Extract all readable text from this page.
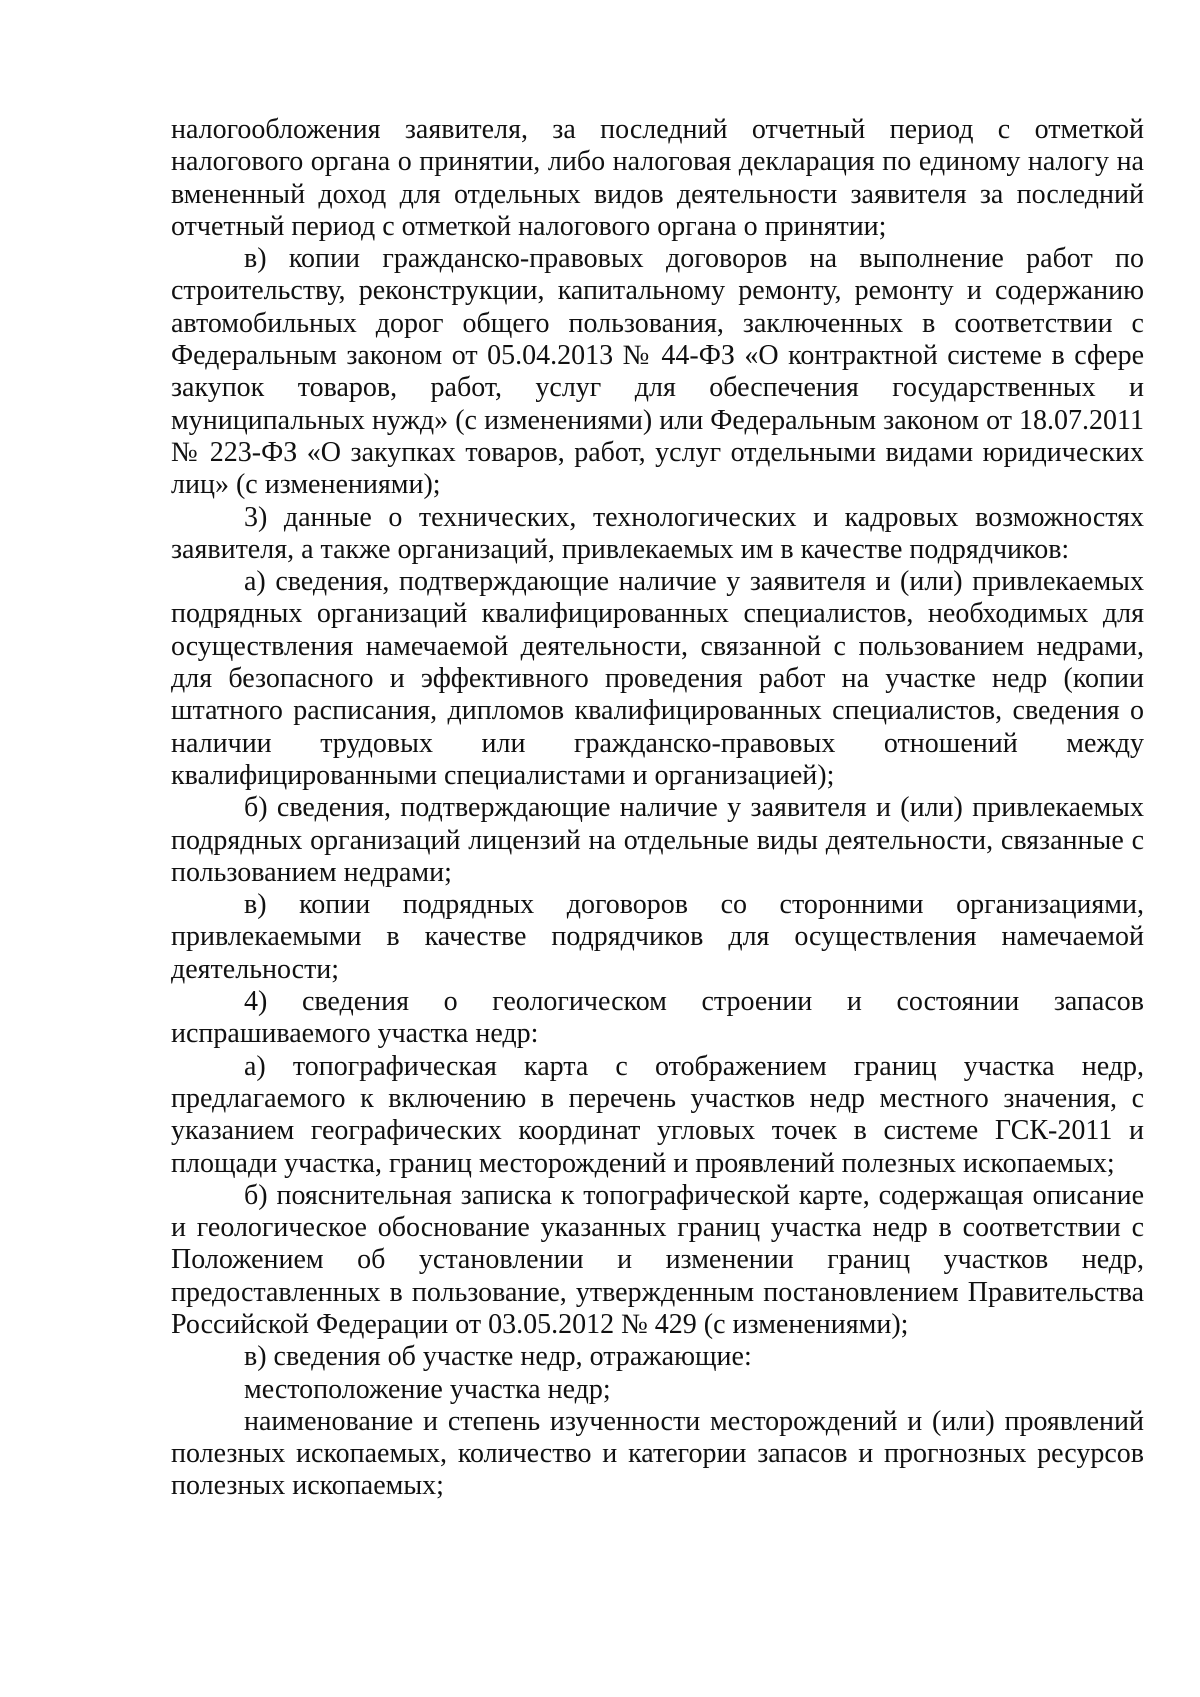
налогообложения заявителя, за последний отчетный период с отметкой налогового органа о принятии, либо налоговая декларация по единому налогу на вмененный доход для отдельных видов деятельности заявителя за последний отчетный период с отметкой налогового органа о принятии;

в) копии гражданско-правовых договоров на выполнение работ по строительству, реконструкции, капитальному ремонту, ремонту и содержанию автомобильных дорог общего пользования, заключенных в соответствии с Федеральным законом от 05.04.2013 № 44-ФЗ «О контрактной системе в сфере закупок товаров, работ, услуг для обеспечения государственных и муниципальных нужд» (с изменениями) или Федеральным законом от 18.07.2011 № 223-ФЗ «О закупках товаров, работ, услуг отдельными видами юридических лиц» (с изменениями);

3) данные о технических, технологических и кадровых возможностях заявителя, а также организаций, привлекаемых им в качестве подрядчиков:

а) сведения, подтверждающие наличие у заявителя и (или) привлекаемых подрядных организаций квалифицированных специалистов, необходимых для осуществления намечаемой деятельности, связанной с пользованием недрами, для безопасного и эффективного проведения работ на участке недр (копии штатного расписания, дипломов квалифицированных специалистов, сведения о наличии трудовых или гражданско-правовых отношений между квалифицированными специалистами и организацией);

б) сведения, подтверждающие наличие у заявителя и (или) привлекаемых подрядных организаций лицензий на отдельные виды деятельности, связанные с пользованием недрами;

в) копии подрядных договоров со сторонними организациями, привлекаемыми в качестве подрядчиков для осуществления намечаемой деятельности;

4) сведения о геологическом строении и состоянии запасов испрашиваемого участка недр:

а) топографическая карта с отображением границ участка недр, предлагаемого к включению в перечень участков недр местного значения, с указанием географических координат угловых точек в системе ГСК-2011 и площади участка, границ месторождений и проявлений полезных ископаемых;

б) пояснительная записка к топографической карте, содержащая описание и геологическое обоснование указанных границ участка недр в соответствии с Положением об установлении и изменении границ участков недр, предоставленных в пользование, утвержденным постановлением Правительства Российской Федерации от 03.05.2012 № 429 (с изменениями);

в) сведения об участке недр, отражающие:

местоположение участка недр;

наименование и степень изученности месторождений и (или) проявлений полезных ископаемых, количество и категории запасов и прогнозных ресурсов полезных ископаемых;
